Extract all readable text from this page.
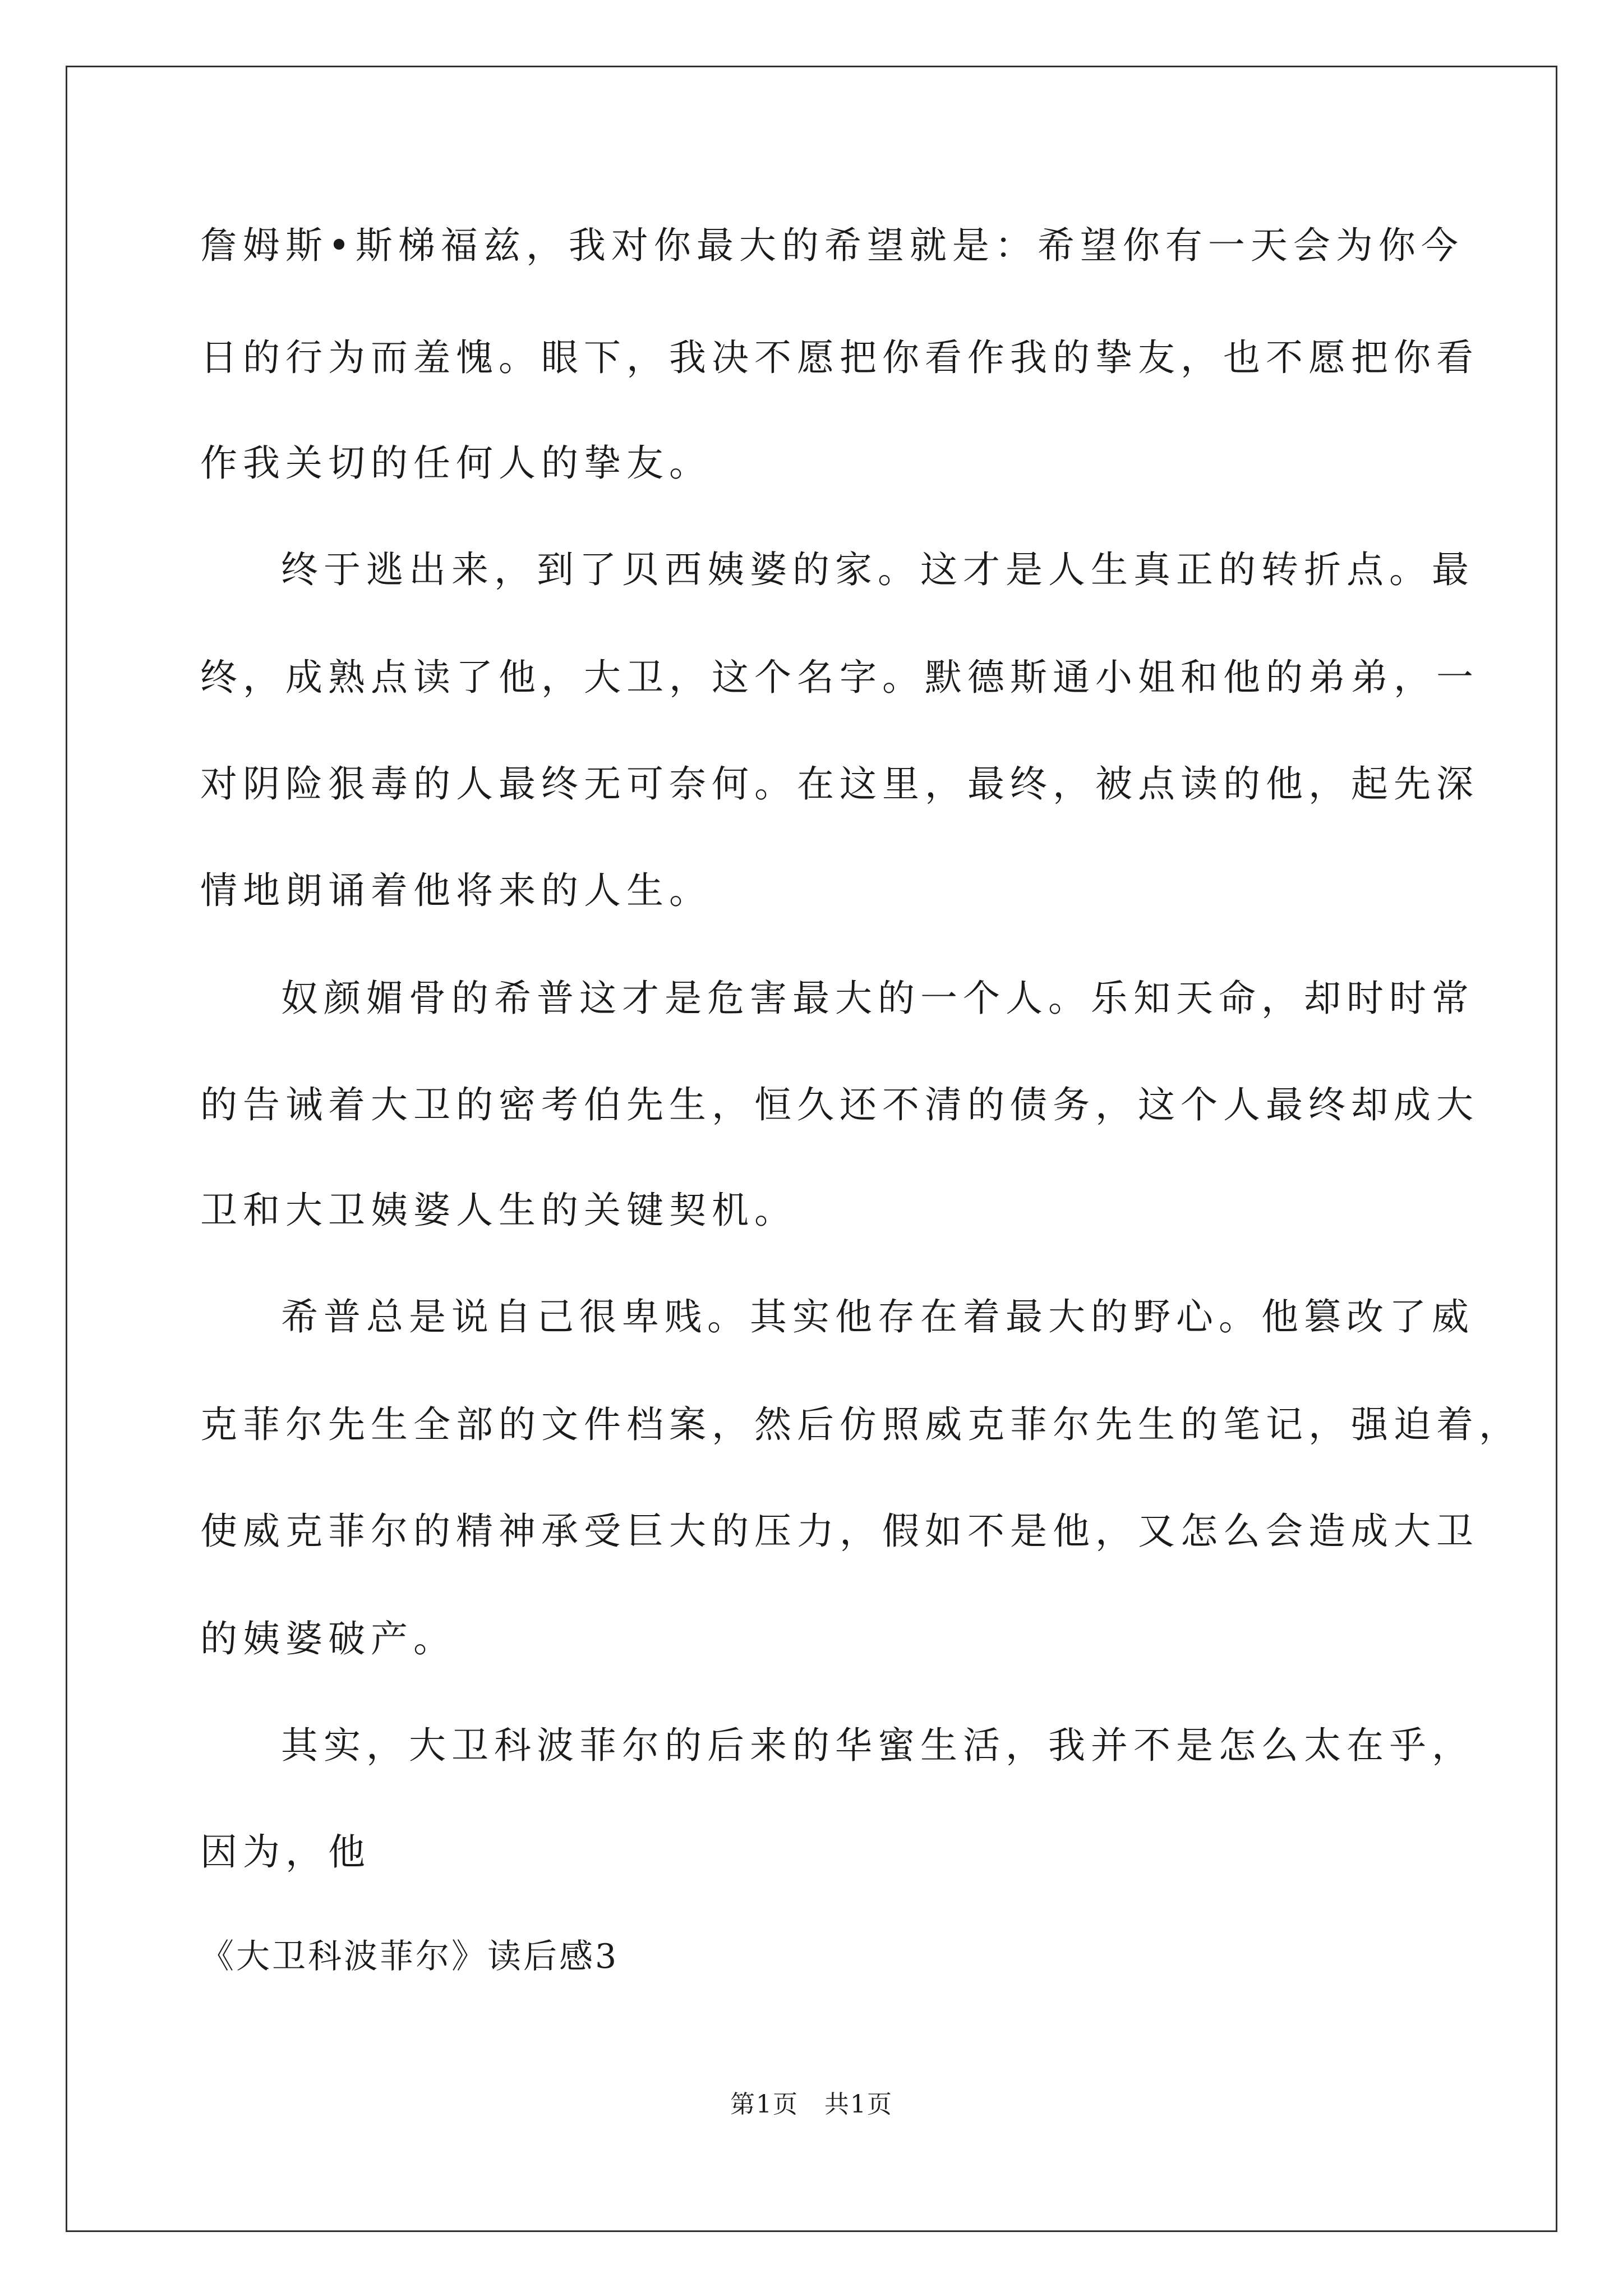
詹姆斯•斯梯福兹，我对你最大的希望就是：希望你有一天会为你今
日的行为而羞愧。眼下，我决不愿把你看作我的挚友，也不愿把你看
作我关切的任何人的挚友。
终于逃出来，到了贝西姨婆的家。这才是人生真正的转折点。最
终，成熟点读了他，大卫，这个名字。默德斯通小姐和他的弟弟，一
对阴险狠毒的人最终无可奈何。在这里，最终，被点读的他，起先深
情地朗诵着他将来的人生。
奴颜媚骨的希普这才是危害最大的一个人。乐知天命，却时时常
的告诫着大卫的密考伯先生，恒久还不清的债务，这个人最终却成大
卫和大卫姨婆人生的关键契机。
希普总是说自己很卑贱。其实他存在着最大的野心。他篡改了威
克菲尔先生全部的文件档案，然后仿照威克菲尔先生的笔记，强迫着，
使威克菲尔的精神承受巨大的压力，假如不是他，又怎么会造成大卫
的姨婆破产。
其实，大卫科波菲尔的后来的华蜜生活，我并不是怎么太在乎，
因为，他
《大卫科波菲尔》读后感3
第1页　共1页
